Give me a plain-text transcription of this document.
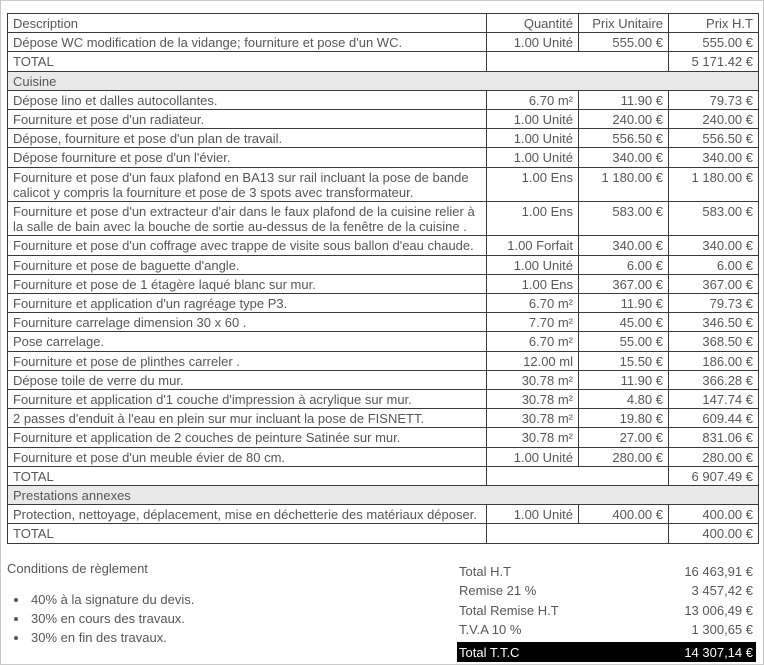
Description	Quantité	Prix Unitaire	Prix H.T
Dépose WC modification de la vidange; fourniture et pose d'un WC.	1.00 Unité	555.00 €	555.00 €
TOTAL			5 171.42 €
Cuisine			
Dépose lino et dalles autocollantes.	6.70 m²	11.90 €	79.73 €
Fourniture et pose d'un radiateur.	1.00 Unité	240.00 €	240.00 €
Dépose, fourniture et pose d'un plan de travail.	1.00 Unité	556.50 €	556.50 €
Dépose fourniture et pose d'un l'évier.	1.00 Unité	340.00 €	340.00 €
Fourniture et pose d'un faux plafond en BA13 sur rail incluant la pose de bande calicot y compris la fourniture et pose de 3 spots avec transformateur.	1.00 Ens	1 180.00 €	1 180.00 €
Fourniture et pose d'un extracteur d'air dans le faux plafond de la cuisine relier à la salle de bain avec la bouche de sortie au-dessus de la fenêtre de la cuisine .	1.00 Ens	583.00 €	583.00 €
Fourniture et pose d'un coffrage avec trappe de visite sous ballon d'eau chaude.	1.00 Forfait	340.00 €	340.00 €
Fourniture et pose de baguette d'angle.	1.00 Unité	6.00 €	6.00 €
Fourniture et pose de 1 étagère laqué blanc sur mur.	1.00 Ens	367.00 €	367.00 €
Fourniture et application d'un ragréage type P3.	6.70 m²	11.90 €	79.73 €
Fourniture carrelage dimension 30 x 60 .	7.70 m²	45.00 €	346.50 €
Pose carrelage.	6.70 m²	55.00 €	368.50 €
Fourniture et pose de plinthes carreler .	12.00 ml	15.50 €	186.00 €
Dépose toile de verre du mur.	30.78 m²	11.90 €	366.28 €
Fourniture et application d'1 couche d'impression à acrylique sur mur.	30.78 m²	4.80 €	147.74 €
2 passes d'enduit à l'eau en plein sur mur incluant la pose de FISNETT.	30.78 m²	19.80 €	609.44 €
Fourniture et application de 2 couches de peinture Satinée sur mur.	30.78 m²	27.00 €	831.06 €
Fourniture et pose d'un meuble évier de 80 cm.	1.00 Unité	280.00 €	280.00 €
TOTAL			6 907.49 €
Prestations annexes			
Protection, nettoyage, déplacement, mise en déchetterie des matériaux déposer.	1.00 Unité	400.00 €	400.00 €
TOTAL			400.00 €
Conditions de règlement
• 40% à la signature du devis.
• 30% en cours des travaux.
• 30% en fin des travaux.
Total H.T	16 463,91 €
Remise 21 %	3 457,42 €
Total Remise H.T	13 006,49 €
T.V.A 10 %	1 300,65 €
Total T.T.C	14 307,14 €
